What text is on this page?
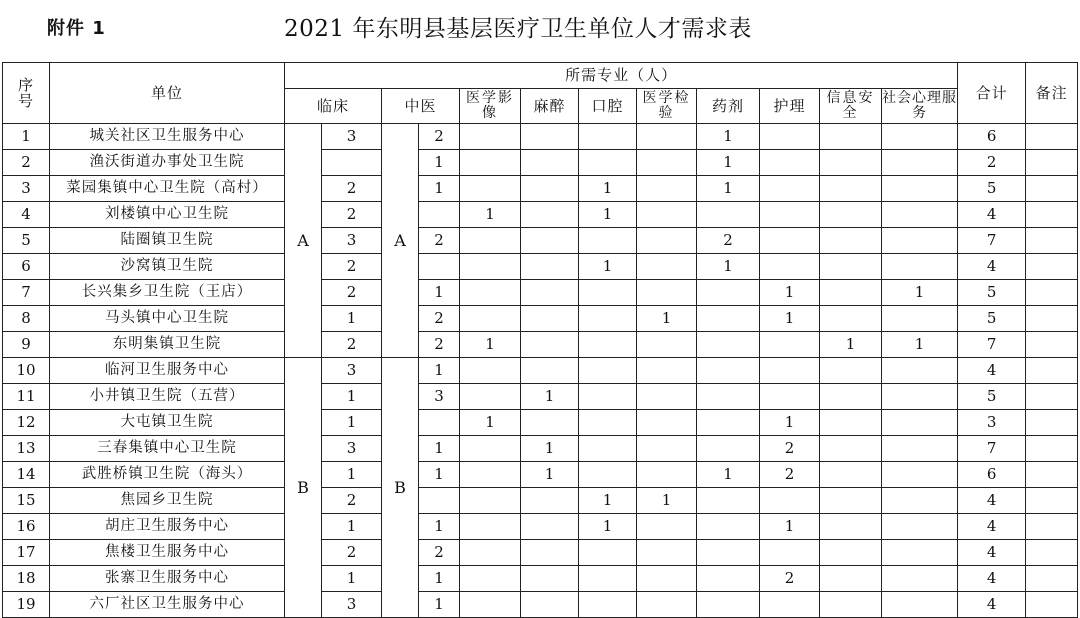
附件 1	2021 年东明县基层医疗卫生单位人才需求表
序号	单位	所需专业（人）												合计	备注
		临床		中医		医学影像	麻醉	口腔	医学检验	药剂	护理	信息安全	社会心理服务		
1	城关社区卫生服务中心	A	3	A	2					1				6	
2	渔沃街道办事处卫生院				1					1				2	
3	菜园集镇中心卫生院（高村）		2		1			1		1				5	
4	刘楼镇中心卫生院		2			1		1						4	
5	陆圈镇卫生院		3		2					2				7	
6	沙窝镇卫生院		2					1		1				4	
7	长兴集乡卫生院（王店）		2		1						1		1	5	
8	马头镇中心卫生院		1		2				1		1			5	
9	东明集镇卫生院		2		2	1						1	1	7	
10	临河卫生服务中心	B	3	B	1									4	
11	小井镇卫生院（五营）		1		3		1							5	
12	大屯镇卫生院		1			1					1			3	
13	三春集镇中心卫生院		3		1		1				2			7	
14	武胜桥镇卫生院（海头）		1		1		1			1	2			6	
15	焦园乡卫生院		2					1	1					4	
16	胡庄卫生服务中心		1		1			1			1			4	
17	焦楼卫生服务中心		2		2									4	
18	张寨卫生服务中心		1		1						2			4	
19	六厂社区卫生服务中心		3		1									4	
